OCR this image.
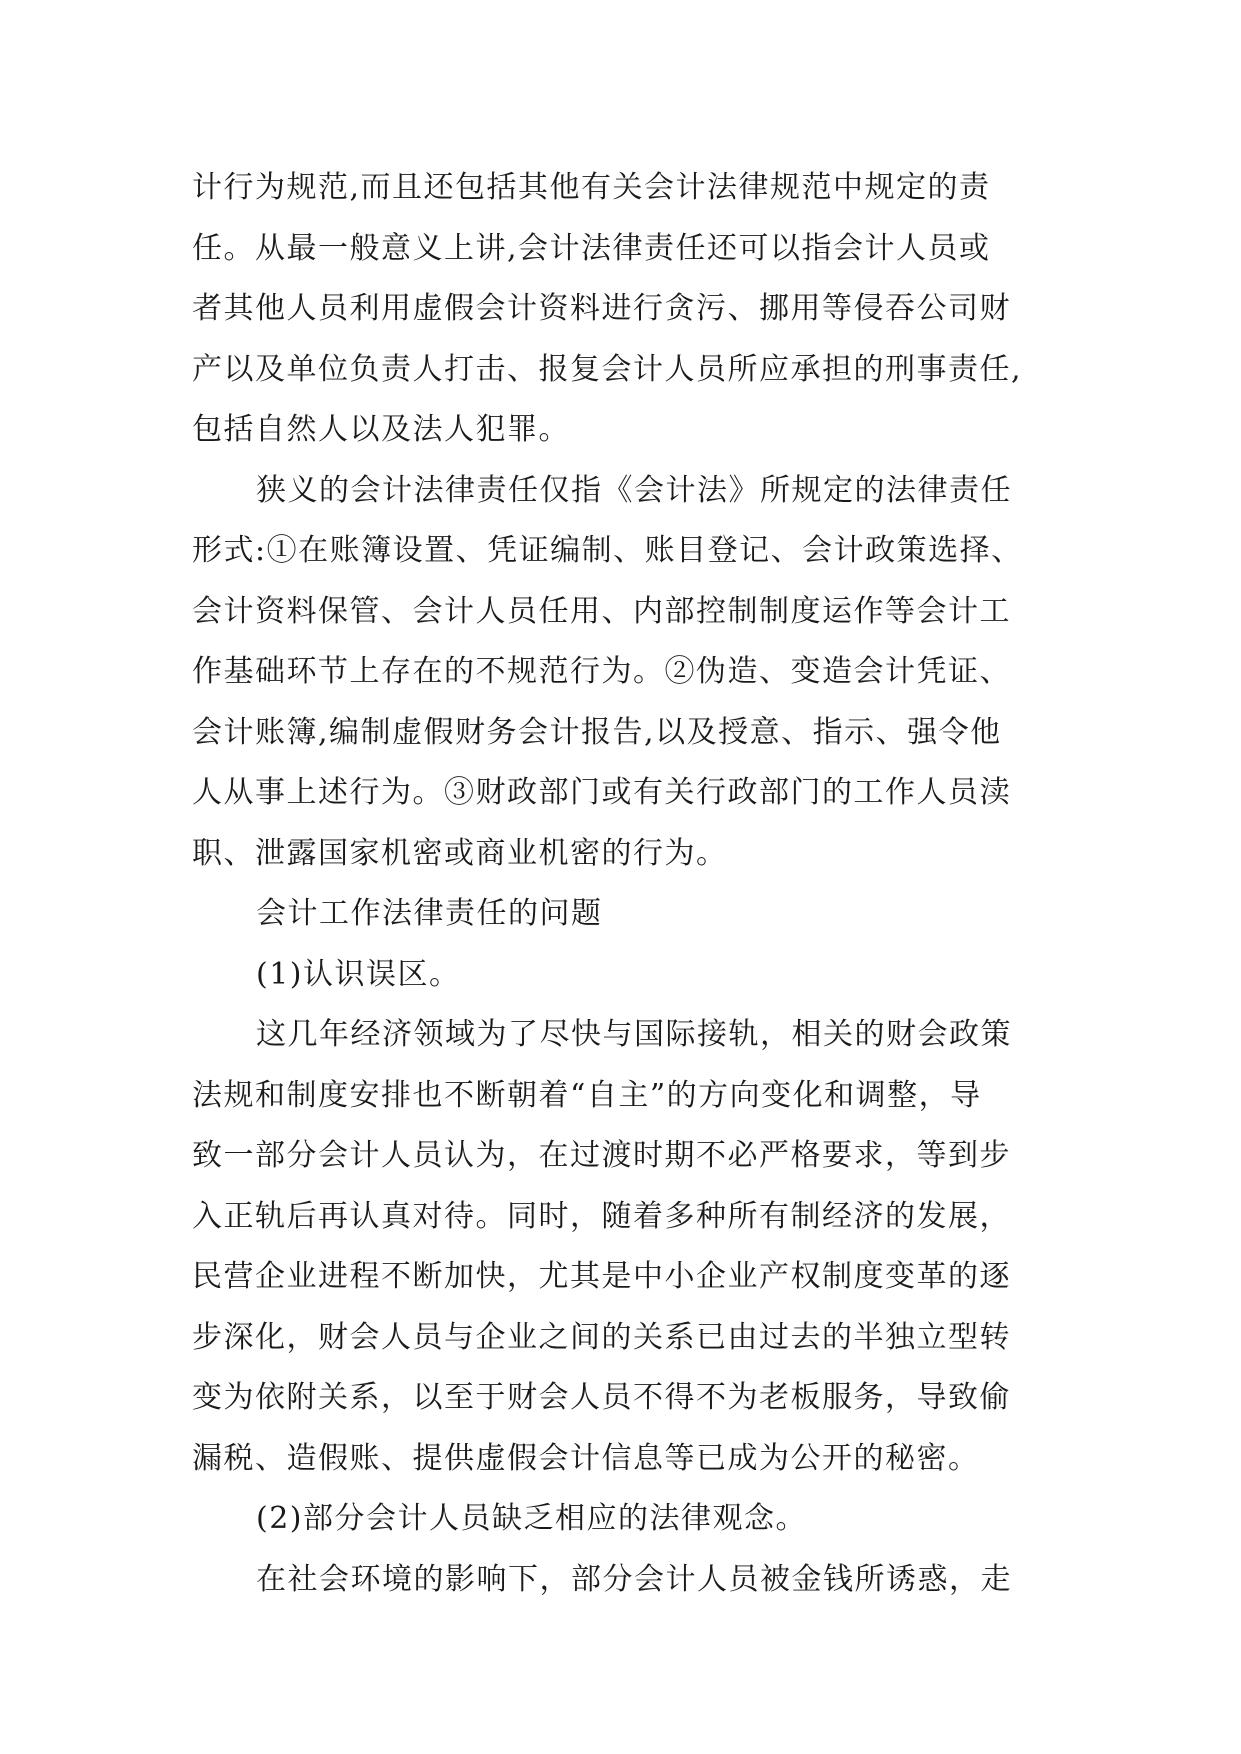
计行为规范,而且还包括其他有关会计法律规范中规定的责
任。从最一般意义上讲,会计法律责任还可以指会计人员或
者其他人员利用虚假会计资料进行贪污、挪用等侵吞公司财
产以及单位负责人打击、报复会计人员所应承担的刑事责任,
包括自然人以及法人犯罪。
狭义的会计法律责任仅指《会计法》所规定的法律责任
形式:①在账簿设置、凭证编制、账目登记、会计政策选择、
会计资料保管、会计人员任用、内部控制制度运作等会计工
作基础环节上存在的不规范行为。②伪造、变造会计凭证、
会计账簿,编制虚假财务会计报告,以及授意、指示、强令他
人从事上述行为。③财政部门或有关行政部门的工作人员渎
职、泄露国家机密或商业机密的行为。
会计工作法律责任的问题
(1)认识误区。
这几年经济领域为了尽快与国际接轨，相关的财会政策
法规和制度安排也不断朝着“自主”的方向变化和调整，导
致一部分会计人员认为，在过渡时期不必严格要求，等到步
入正轨后再认真对待。同时，随着多种所有制经济的发展，
民营企业进程不断加快，尤其是中小企业产权制度变革的逐
步深化，财会人员与企业之间的关系已由过去的半独立型转
变为依附关系，以至于财会人员不得不为老板服务，导致偷
漏税、造假账、提供虚假会计信息等已成为公开的秘密。
(2)部分会计人员缺乏相应的法律观念。
在社会环境的影响下，部分会计人员被金钱所诱惑，走
